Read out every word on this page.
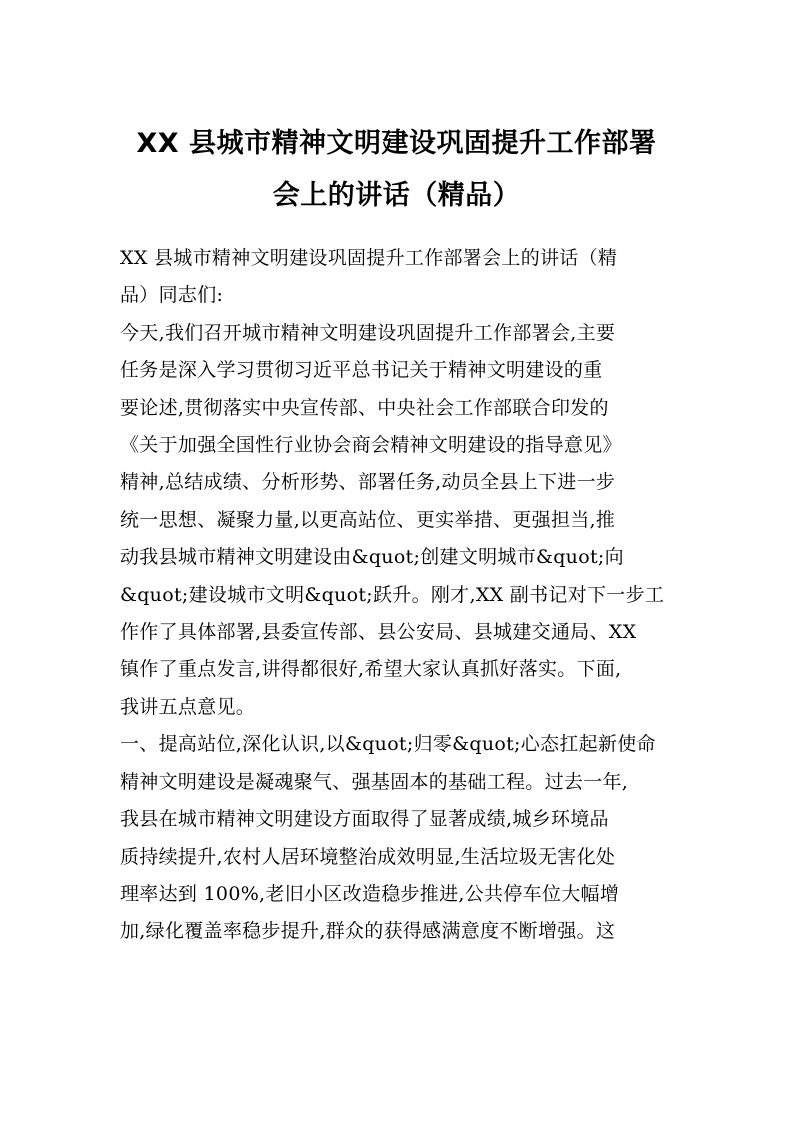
XX 县城市精神文明建设巩固提升工作部署
会上的讲话（精品）

XX 县城市精神文明建设巩固提升工作部署会上的讲话（精
品）同志们:

今天,我们召开城市精神文明建设巩固提升工作部署会,主要
任务是深入学习贯彻习近平总书记关于精神文明建设的重
要论述,贯彻落实中央宣传部、中央社会工作部联合印发的
《关于加强全国性行业协会商会精神文明建设的指导意见》
精神,总结成绩、分析形势、部署任务,动员全县上下进一步
统一思想、凝聚力量,以更高站位、更实举措、更强担当,推
动我县城市精神文明建设由&quot;创建文明城市&quot;向
&quot;建设城市文明&quot;跃升。刚才,XX 副书记对下一步工
作作了具体部署,县委宣传部、县公安局、县城建交通局、XX
镇作了重点发言,讲得都很好,希望大家认真抓好落实。下面,
我讲五点意见。

一、提高站位,深化认识,以&quot;归零&quot;心态扛起新使命

精神文明建设是凝魂聚气、强基固本的基础工程。过去一年,
我县在城市精神文明建设方面取得了显著成绩,城乡环境品
质持续提升,农村人居环境整治成效明显,生活垃圾无害化处
理率达到 100%,老旧小区改造稳步推进,公共停车位大幅增
加,绿化覆盖率稳步提升,群众的获得感满意度不断增强。这
